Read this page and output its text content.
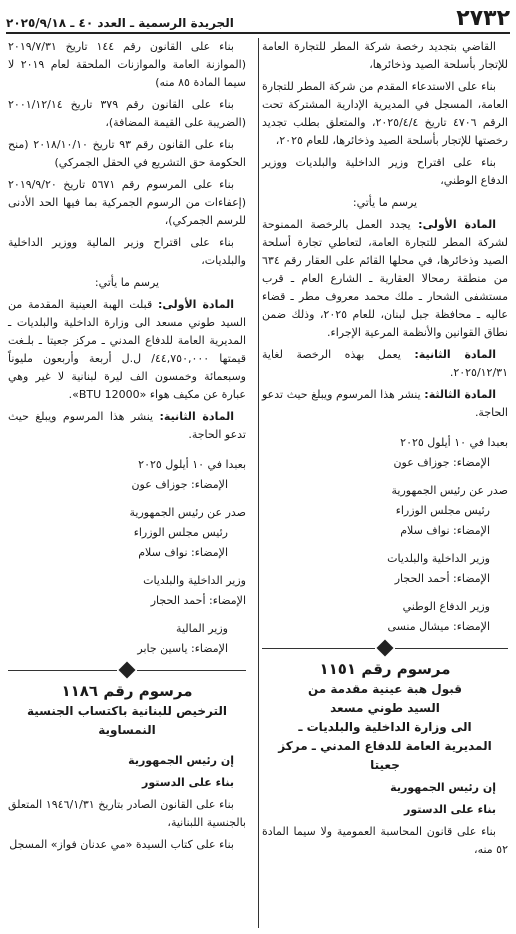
٢٧٣٢
الجريدة الرسمية ـ العدد ٤٠ ـ ٢٠٢٥/٩/١٨

القاضي بتجديد رخصة شركة المطر للتجارة العامة للإتجار بأسلحة الصيد وذخائرها،

بناء على الاستدعاء المقدم من شركة المطر للتجارة العامة، المسجل في المديرية الإدارية المشتركة تحت الرقم ٤٧٠٦ تاريخ ٢٠٢٥/٤/٤، والمتعلق بطلب تجديد رخصتها للإتجار بأسلحة الصيد وذخائرها، للعام ٢٠٢٥،

بناء على اقتراح وزير الداخلية والبلديات ووزير الدفاع الوطني،

يرسم ما يأتي:

المادة الأولى: يجدد العمل بالرخصة الممنوحة لشركة المطر للتجارة العامة، لتعاطي تجارة أسلحة الصيد وذخائرها، في محلها القائم على العقار رقم ٦٣٤ من منطقة رمحالا العقارية ـ الشارع العام ـ قرب مستشفى الشحار ـ ملك محمد معروف مطر ـ قضاء عاليه ـ محافظة جبل لبنان، للعام ٢٠٢٥، وذلك ضمن نطاق القوانين والأنظمة المرعية الإجراء.

المادة الثانية: يعمل بهذه الرخصة لغاية ٢٠٢٥/١٢/٣١.

المادة الثالثة: ينشر هذا المرسوم ويبلغ حيث تدعو الحاجة.

بعبدا في ١٠ أيلول ٢٠٢٥

الإمضاء: جوزاف عون

صدر عن رئيس الجمهورية

رئيس مجلس الوزراء

الإمضاء: نواف سلام

وزير الداخلية والبلديات

الإمضاء: أحمد الحجار

وزير الدفاع الوطني

الإمضاء: ميشال منسى

مرسوم رقم ١١٥١

قبول هبة عينية مقدمة من
السيد طوني مسعد
الى وزارة الداخلية والبلديات ـ
المديرية العامة للدفاع المدني ـ مركز جعيتا

إن رئيس الجمهورية

بناء على الدستور

بناء على قانون المحاسبة العمومية ولا سيما المادة ٥٢ منه،

بناء على القانون رقم ١٤٤ تاريخ ٢٠١٩/٧/٣١ (الموازنة العامة والموازنات الملحقة لعام ٢٠١٩ لا سيما المادة ٨٥ منه)

بناء على القانون رقم ٣٧٩ تاريخ ٢٠٠١/١٢/١٤ (الضريبة على القيمة المضافة)،

بناء على القانون رقم ٩٣ تاريخ ٢٠١٨/١٠/١٠ (منح الحكومة حق التشريع في الحقل الجمركي)

بناء على المرسوم رقم ٥٦٧١ تاريخ ٢٠١٩/٩/٢٠ (إعفاءات من الرسوم الجمركية بما فيها الحد الأدنى للرسم الجمركي)،

بناء على اقتراح وزير المالية ووزير الداخلية والبلديات،

يرسم ما يأتي:

المادة الأولى: قبلت الهبة العينية المقدمة من السيد طوني مسعد الى وزارة الداخلية والبلديات ـ المديرية العامة للدفاع المدني ـ مركز جعيتا ـ بلـغت قيمتها ٤٤,٧٥٠,٠٠٠/ ل.ل أربعة وأربعون مليوناً وسبعمائة وخمسون الف ليرة لبنانية لا غير وهي عبارة عن مكيف هواء «12000 BTU».

المادة الثانية: ينشر هذا المرسوم ويبلغ حيث تدعو الحاجة.

بعبدا في ١٠ أيلول ٢٠٢٥

الإمضاء: جوزاف عون

صدر عن رئيس الجمهورية

رئيس مجلس الوزراء

الإمضاء: نواف سلام

وزير الداخلية والبلديات

الإمضاء: أحمد الحجار

وزير المالية

الإمضاء: ياسين جابر

مرسوم رقم ١١٨٦

الترخيص للبنانية باكتساب الجنسية النمساوية

إن رئيس الجمهورية

بناء على الدستور

بناء على القانون الصادر بتاريخ ١٩٤٦/١/٣١ المتعلق بالجنسية اللبنانية،

بناء على كتاب السيدة «مي عدنان فواز» المسجل
